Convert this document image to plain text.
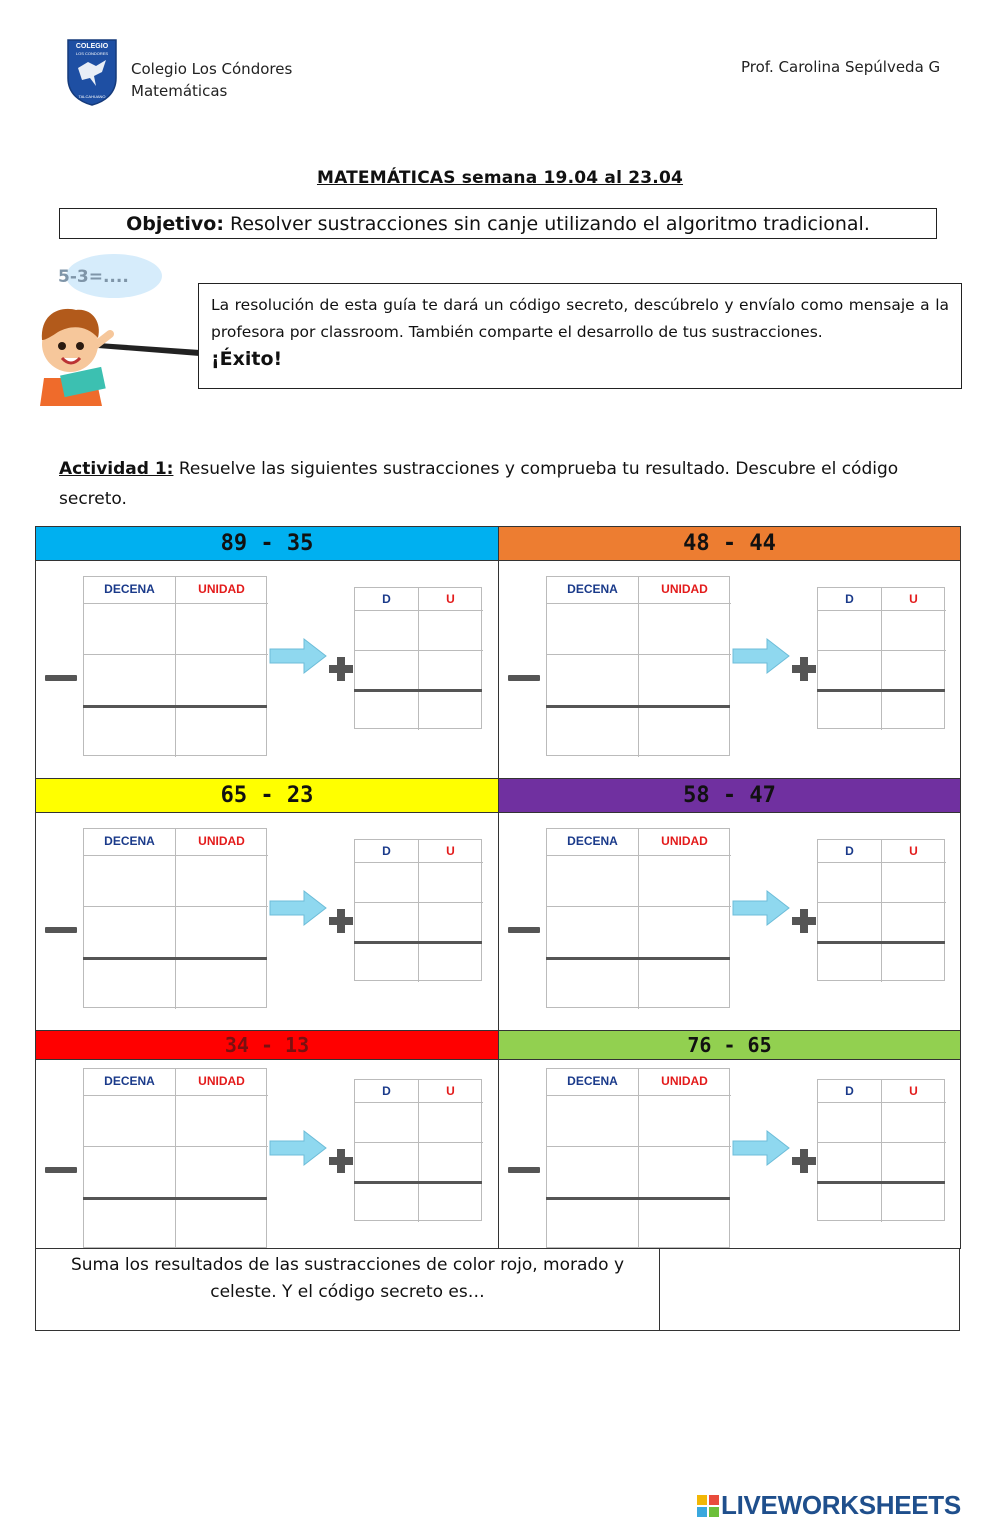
COLEGIO
LOS CONDORES
TALCAHUANO
Colegio Los Cóndores
Matemáticas
Prof. Carolina Sepúlveda G
MATEMÁTICAS semana 19.04 al 23.04
Objetivo: Resolver sustracciones sin canje utilizando el algoritmo tradicional.
5-3=....
La resolución de esta guía te dará un código secreto, descúbrelo y envíalo como mensaje a la profesora por classroom. También comparte el desarrollo de tus sustracciones.
¡Éxito!
Actividad 1: Resuelve las siguientes sustracciones y comprueba tu resultado. Descubre el código secreto.
89 - 35
DECENA	UNIDAD
D	U
48 - 44
DECENA	UNIDAD
D	U
65 - 23
DECENA	UNIDAD
D	U
58 - 47
DECENA	UNIDAD
D	U
34 - 13
DECENA	UNIDAD
D	U
76 - 65
DECENA	UNIDAD
D	U
Suma los resultados de las sustracciones de color rojo, morado y celeste. Y el código secreto es…
LIVEWORKSHEETS
